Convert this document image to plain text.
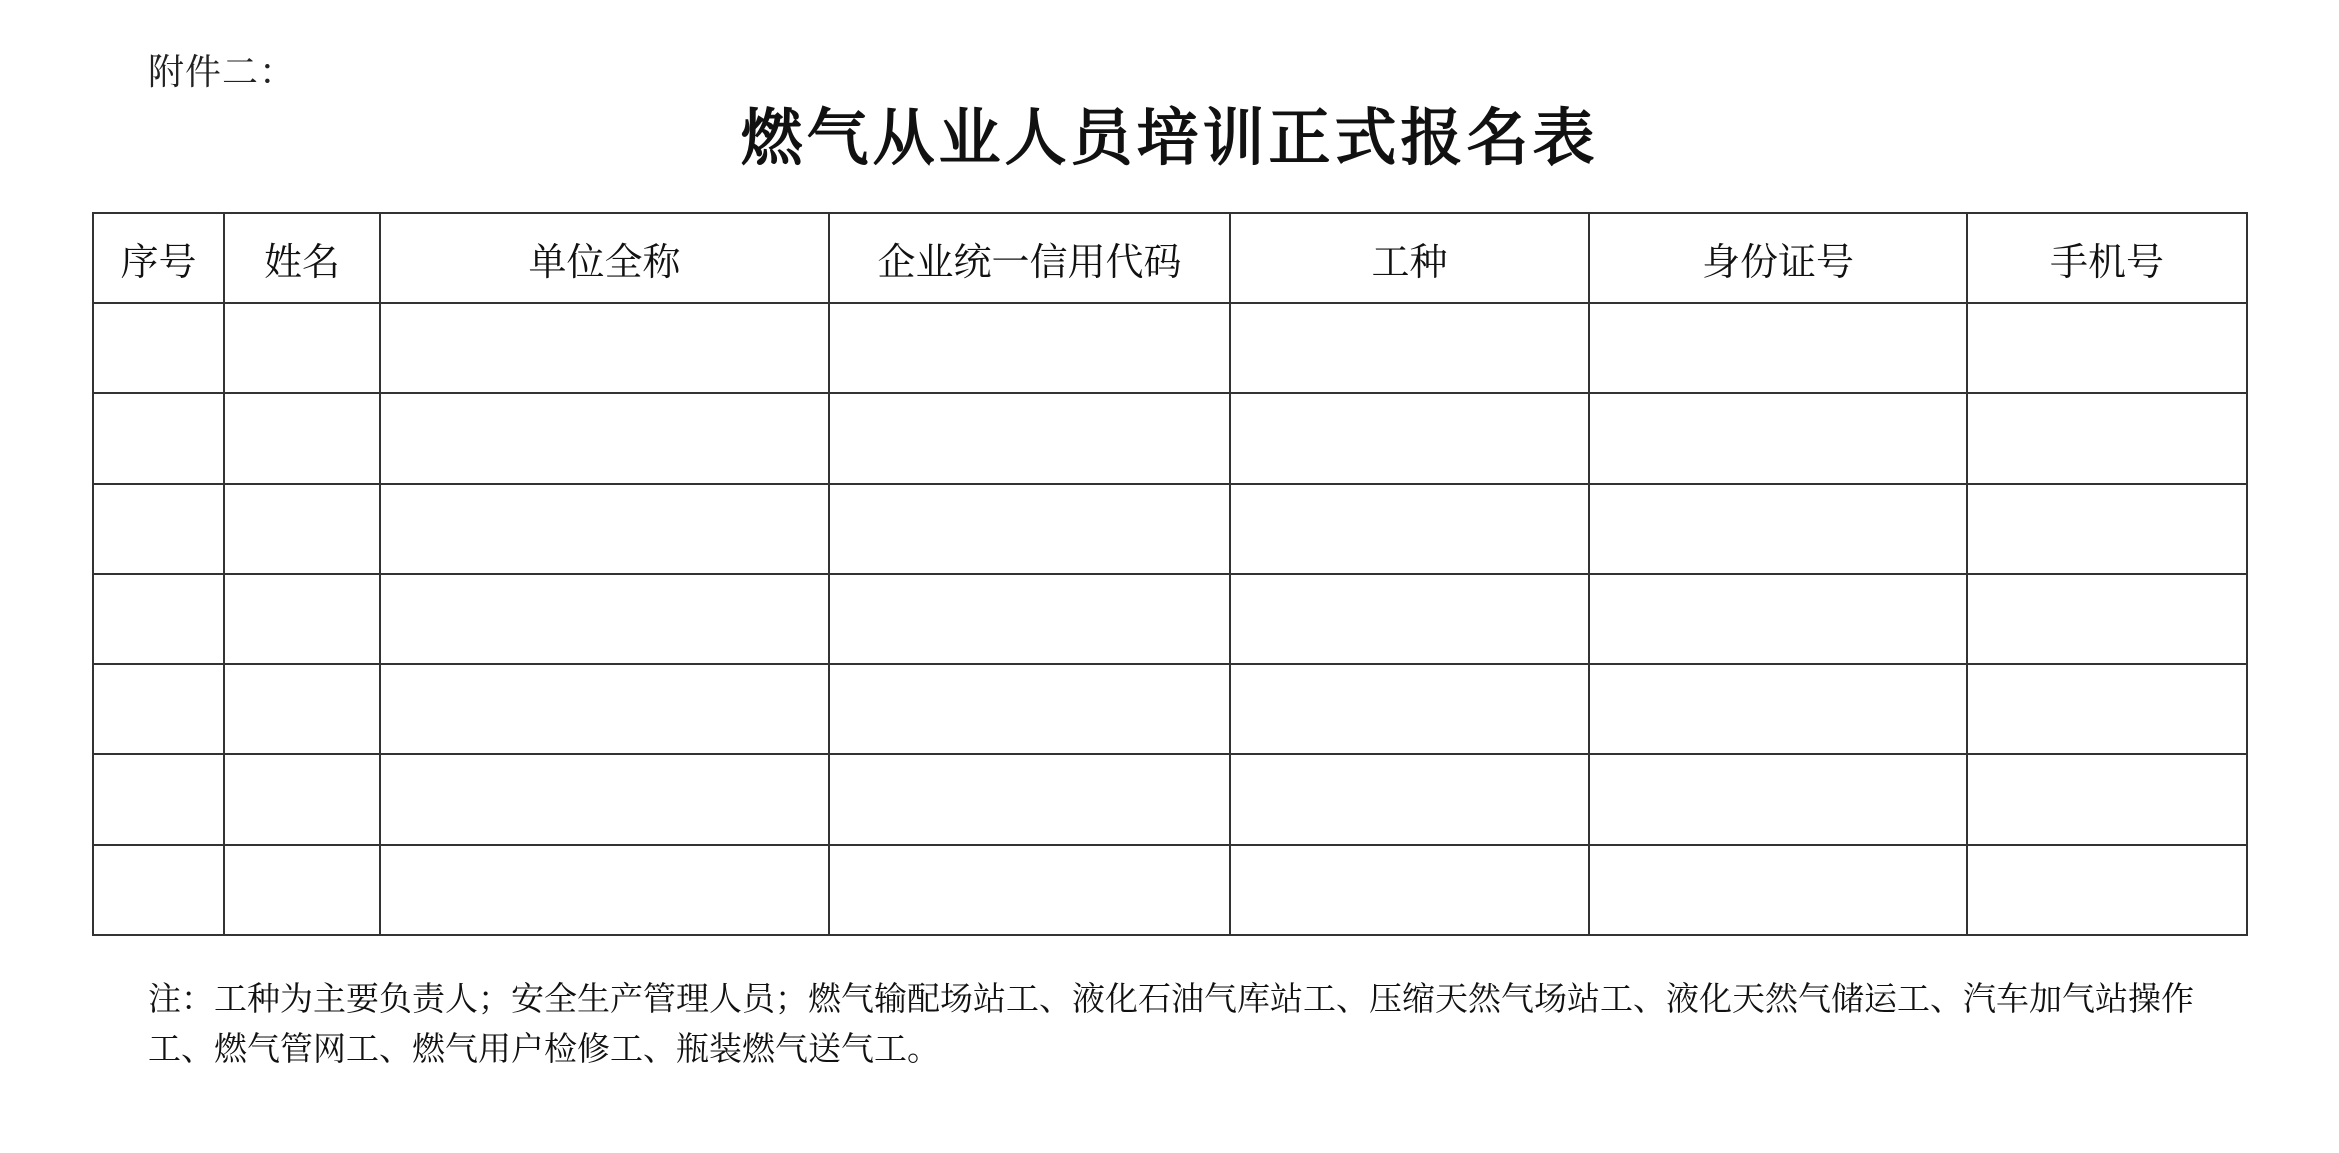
附件二：
燃气从业人员培训正式报名表
序号	姓名	单位全称	企业统一信用代码	工种	身份证号	手机号

注：工种为主要负责人；安全生产管理人员；燃气输配场站工、液化石油气库站工、压缩天然气场站工、液化天然气储运工、汽车加气站操作工、燃气管网工、燃气用户检修工、瓶装燃气送气工。
